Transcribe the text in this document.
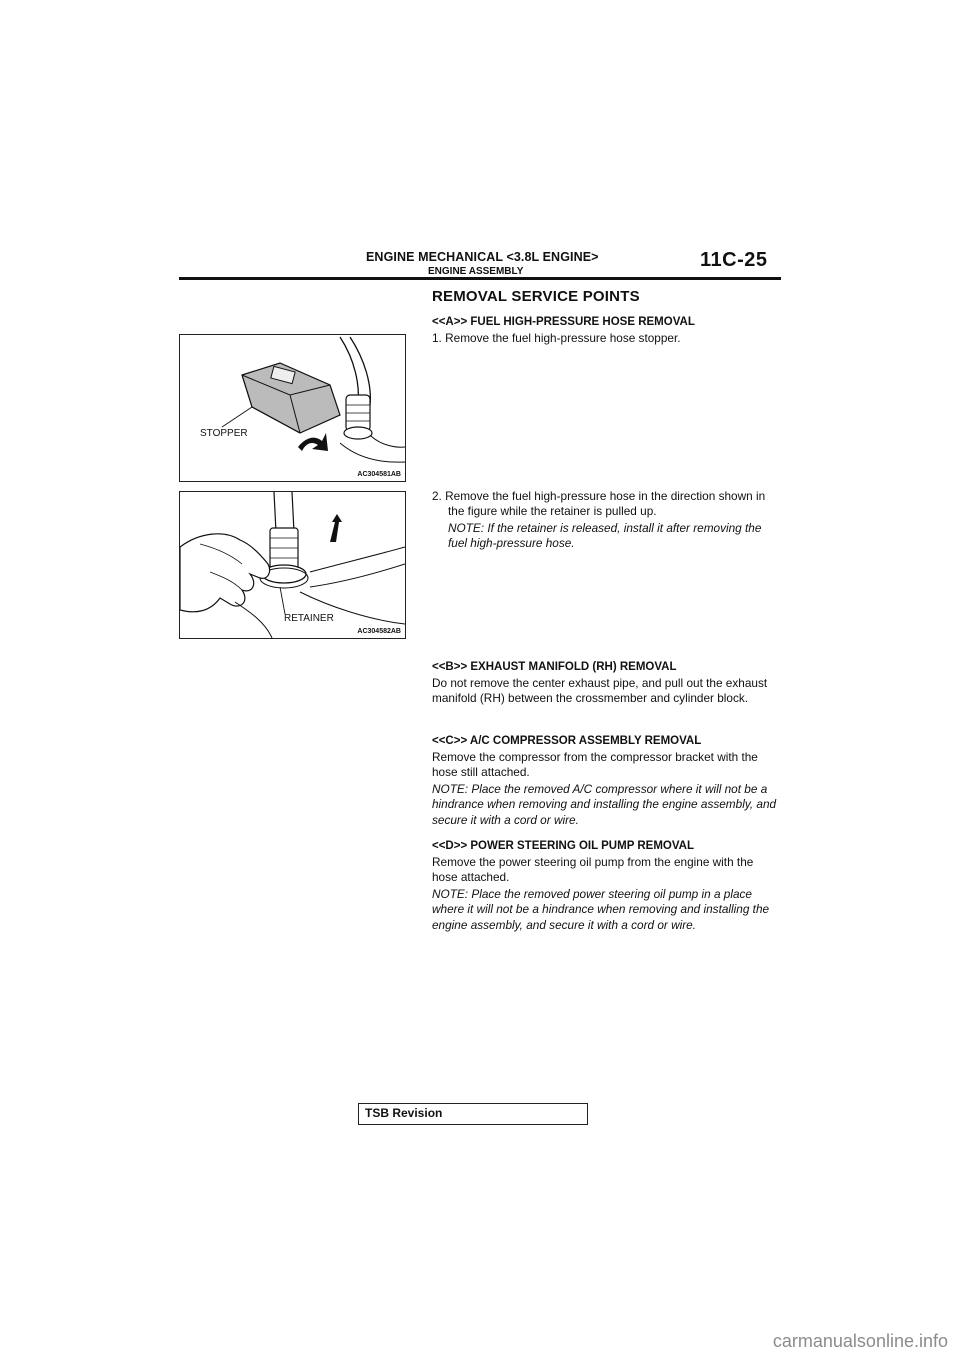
ENGINE MECHANICAL <3.8L ENGINE>
ENGINE ASSEMBLY
11C-25
REMOVAL SERVICE POINTS
<<A>> FUEL HIGH-PRESSURE HOSE REMOVAL
1. Remove the fuel high-pressure hose stopper.
STOPPER
AC304581AB
RETAINER
AC304582AB
2. Remove the fuel high-pressure hose in the direction shown in the figure while the retainer is pulled up.
NOTE: If the retainer is released, install it after removing the fuel high-pressure hose.
<<B>> EXHAUST MANIFOLD (RH) REMOVAL
Do not remove the center exhaust pipe, and pull out the exhaust manifold (RH) between the crossmember and cylinder block.
<<C>> A/C COMPRESSOR ASSEMBLY REMOVAL
Remove the compressor from the compressor bracket with the hose still attached.
NOTE: Place the removed A/C compressor where it will not be a hindrance when removing and installing the engine assembly, and secure it with a cord or wire.
<<D>> POWER STEERING OIL PUMP REMOVAL
Remove the power steering oil pump from the engine with the hose attached.
NOTE: Place the removed power steering oil pump in a place where it will not be a hindrance when removing and installing the engine assembly, and secure it with a cord or wire.
TSB Revision
carmanualsonline.info
